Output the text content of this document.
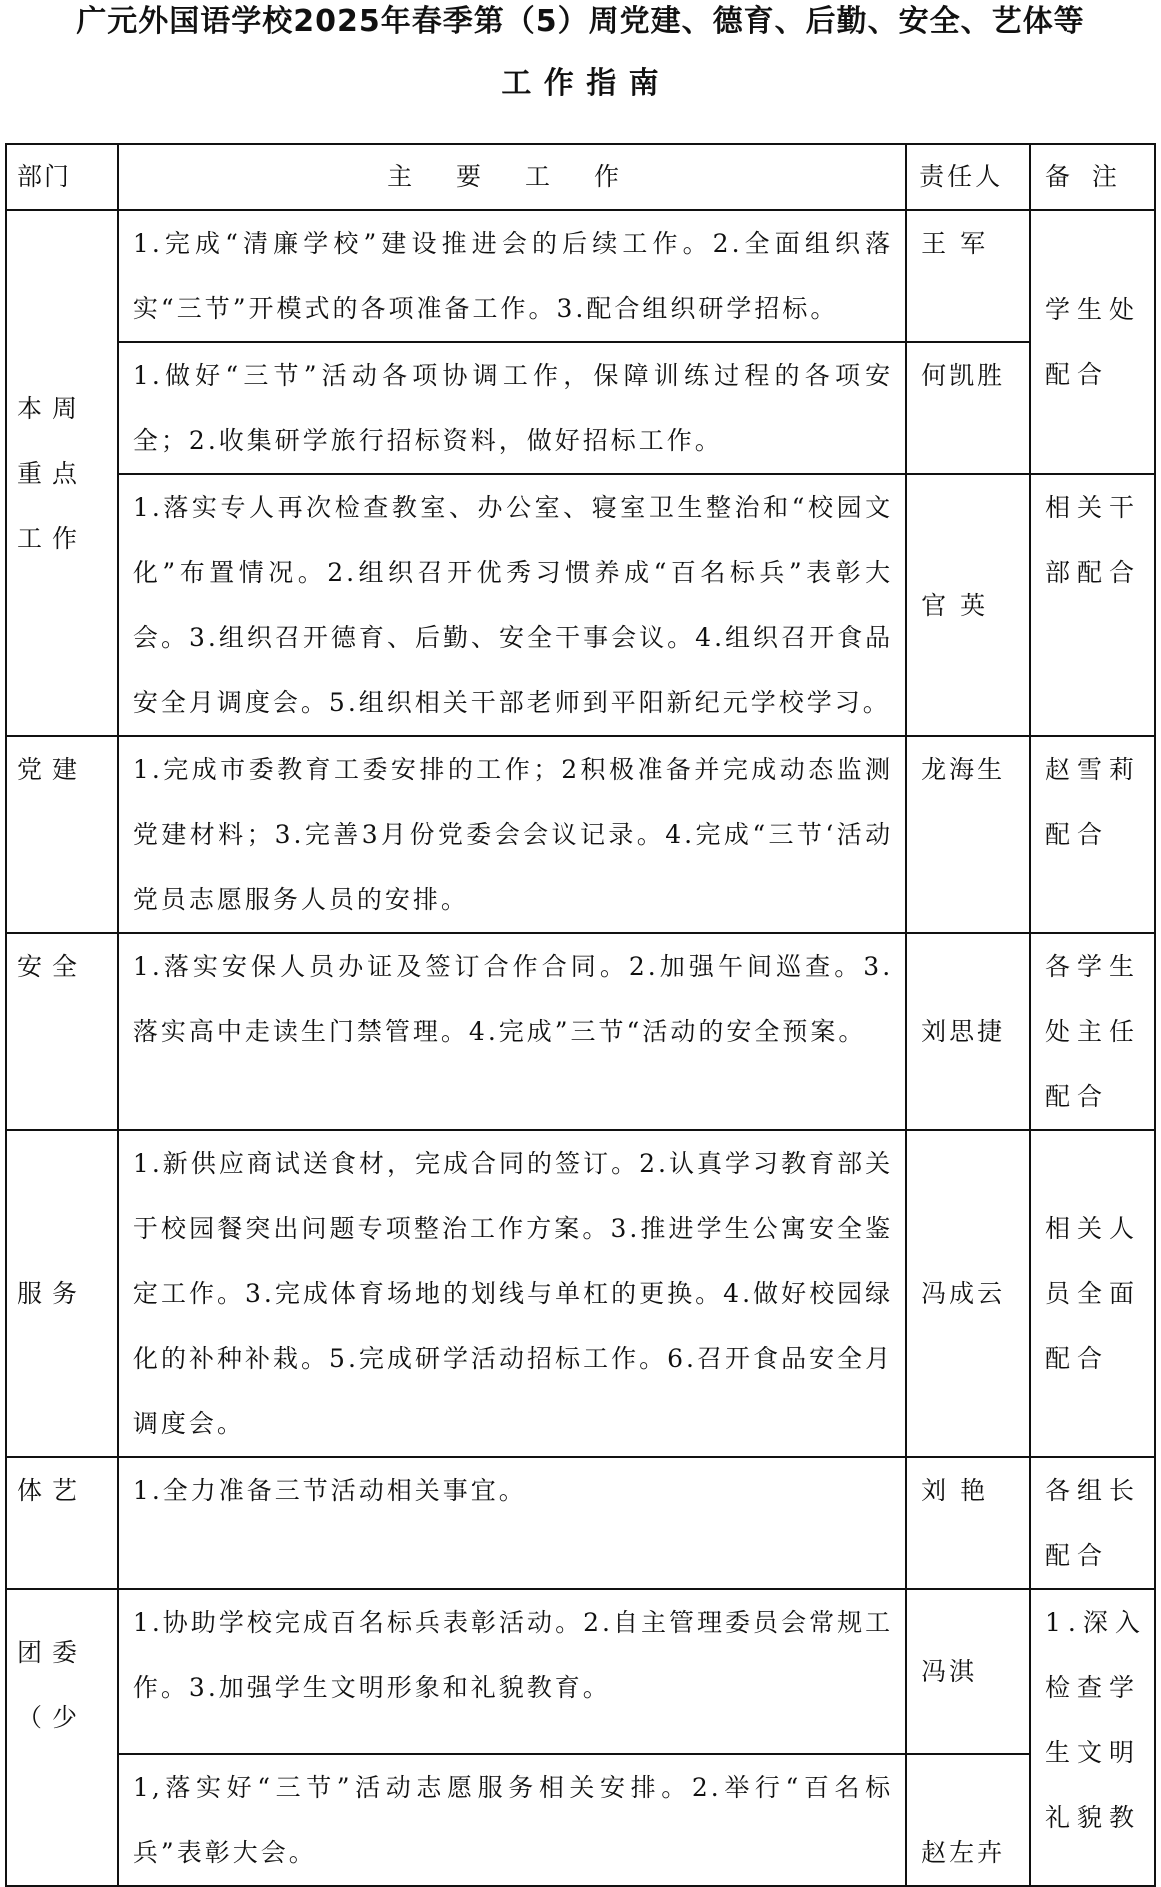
广元外国语学校2025年春季第（5）周党建、德育、后勤、安全、艺体等
工 作 指 南
部门	主 要 工 作	责任人	备 注
本周重点工作	1.完成“清廉学校”建设推进会的后续工作。2.全面组织落实“三节”开模式的各项准备工作。3.配合组织研学招标。	王 军	学生处配合
	1.做好“三节”活动各项协调工作，保障训练过程的各项安全；2.收集研学旅行招标资料，做好招标工作。	何凯胜	
	1.落实专人再次检查教室、办公室、寝室卫生整治和“校园文化”布置情况。2.组织召开优秀习惯养成“百名标兵”表彰大会。3.组织召开德育、后勤、安全干事会议。4.组织召开食品安全月调度会。5.组织相关干部老师到平阳新纪元学校学习。	官 英	相关干部配合
党建	1.完成市委教育工委安排的工作；2积极准备并完成动态监测党建材料；3.完善3月份党委会会议记录。4.完成“三节‘活动党员志愿服务人员的安排。	龙海生	赵雪莉配合
安全	1.落实安保人员办证及签订合作合同。2.加强午间巡查。3.落实高中走读生门禁管理。4.完成”三节“活动的安全预案。	刘思捷	各学生处主任配合
服务	1.新供应商试送食材，完成合同的签订。2.认真学习教育部关于校园餐突出问题专项整治工作方案。3.推进学生公寓安全鉴定工作。3.完成体育场地的划线与单杠的更换。4.做好校园绿化的补种补栽。5.完成研学活动招标工作。6.召开食品安全月调度会。	冯成云	相关人员全面配合
体艺	1.全力准备三节活动相关事宜。	刘 艳	各组长配合
团委（少	1.协助学校完成百名标兵表彰活动。2.自主管理委员会常规工作。3.加强学生文明形象和礼貌教育。	冯淇	1.深入检查学生文明礼貌教
	1,落实好“三节”活动志愿服务相关安排。2.举行“百名标兵”表彰大会。	赵左卉	
